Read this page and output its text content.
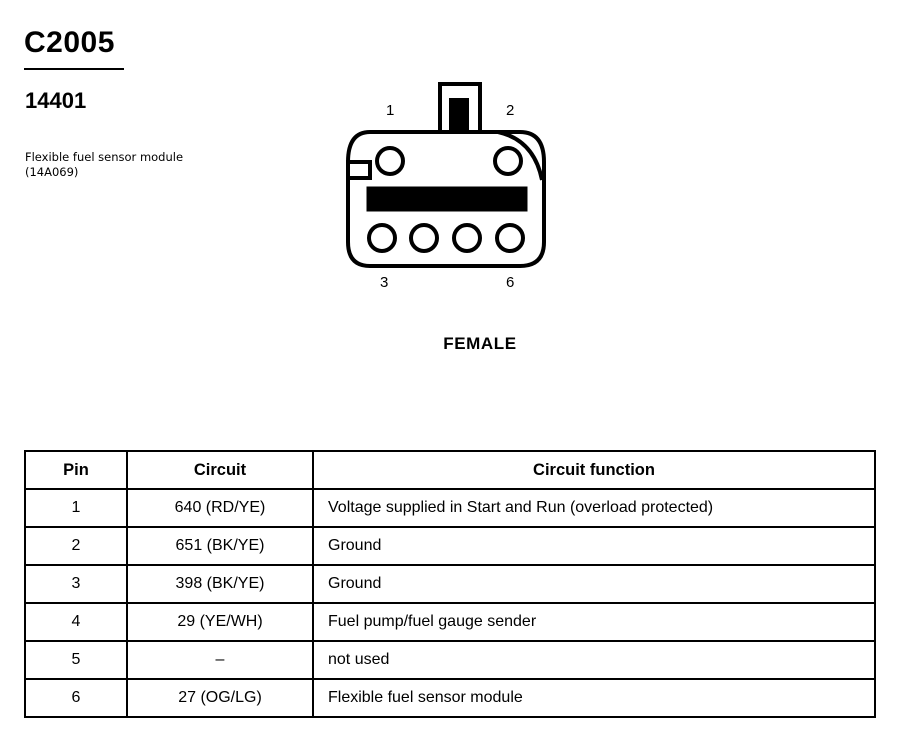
C2005
14401
Flexible fuel sensor module (14A069)
1	2
3	6
FEMALE
Pin	Circuit	Circuit function
1	640 (RD/YE)	Voltage supplied in Start and Run (overload protected)
2	651 (BK/YE)	Ground
3	398 (BK/YE)	Ground
4	29 (YE/WH)	Fuel pump/fuel gauge sender
5	–	not used
6	27 (OG/LG)	Flexible fuel sensor module
